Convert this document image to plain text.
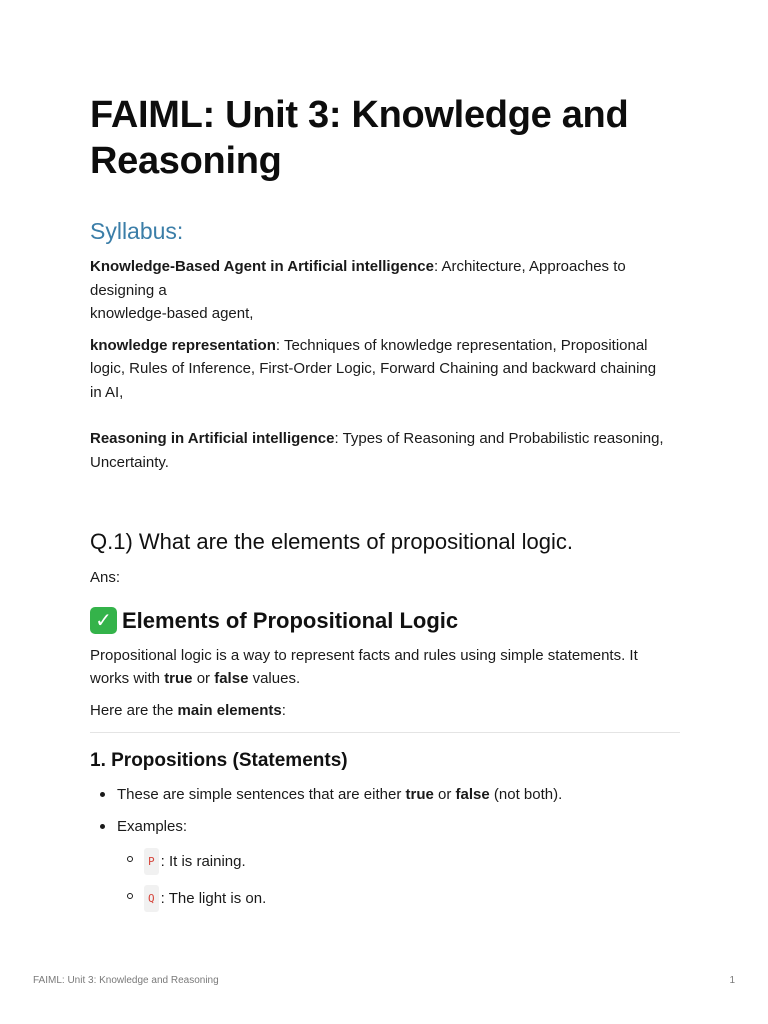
FAIML: Unit 3: Knowledge and Reasoning
Syllabus:

Knowledge-Based Agent in Artificial intelligence: Architecture, Approaches to designing a
knowledge-based agent,

knowledge representation: Techniques of knowledge representation, Propositional logic, Rules of Inference, First-Order Logic, Forward Chaining and backward chaining
in AI,

Reasoning in Artificial intelligence: Types of Reasoning and Probabilistic reasoning, Uncertainty.

Q.1) What are the elements of propositional logic.

Ans:

✓ Elements of Propositional Logic

Propositional logic is a way to represent facts and rules using simple statements. It works with true or false values.

Here are the main elements:

1. Propositions (Statements)
These are simple sentences that are either true or false (not both).
Examples:
P : It is raining.
Q : The light is on.
FAIML: Unit 3: Knowledge and Reasoning	1
